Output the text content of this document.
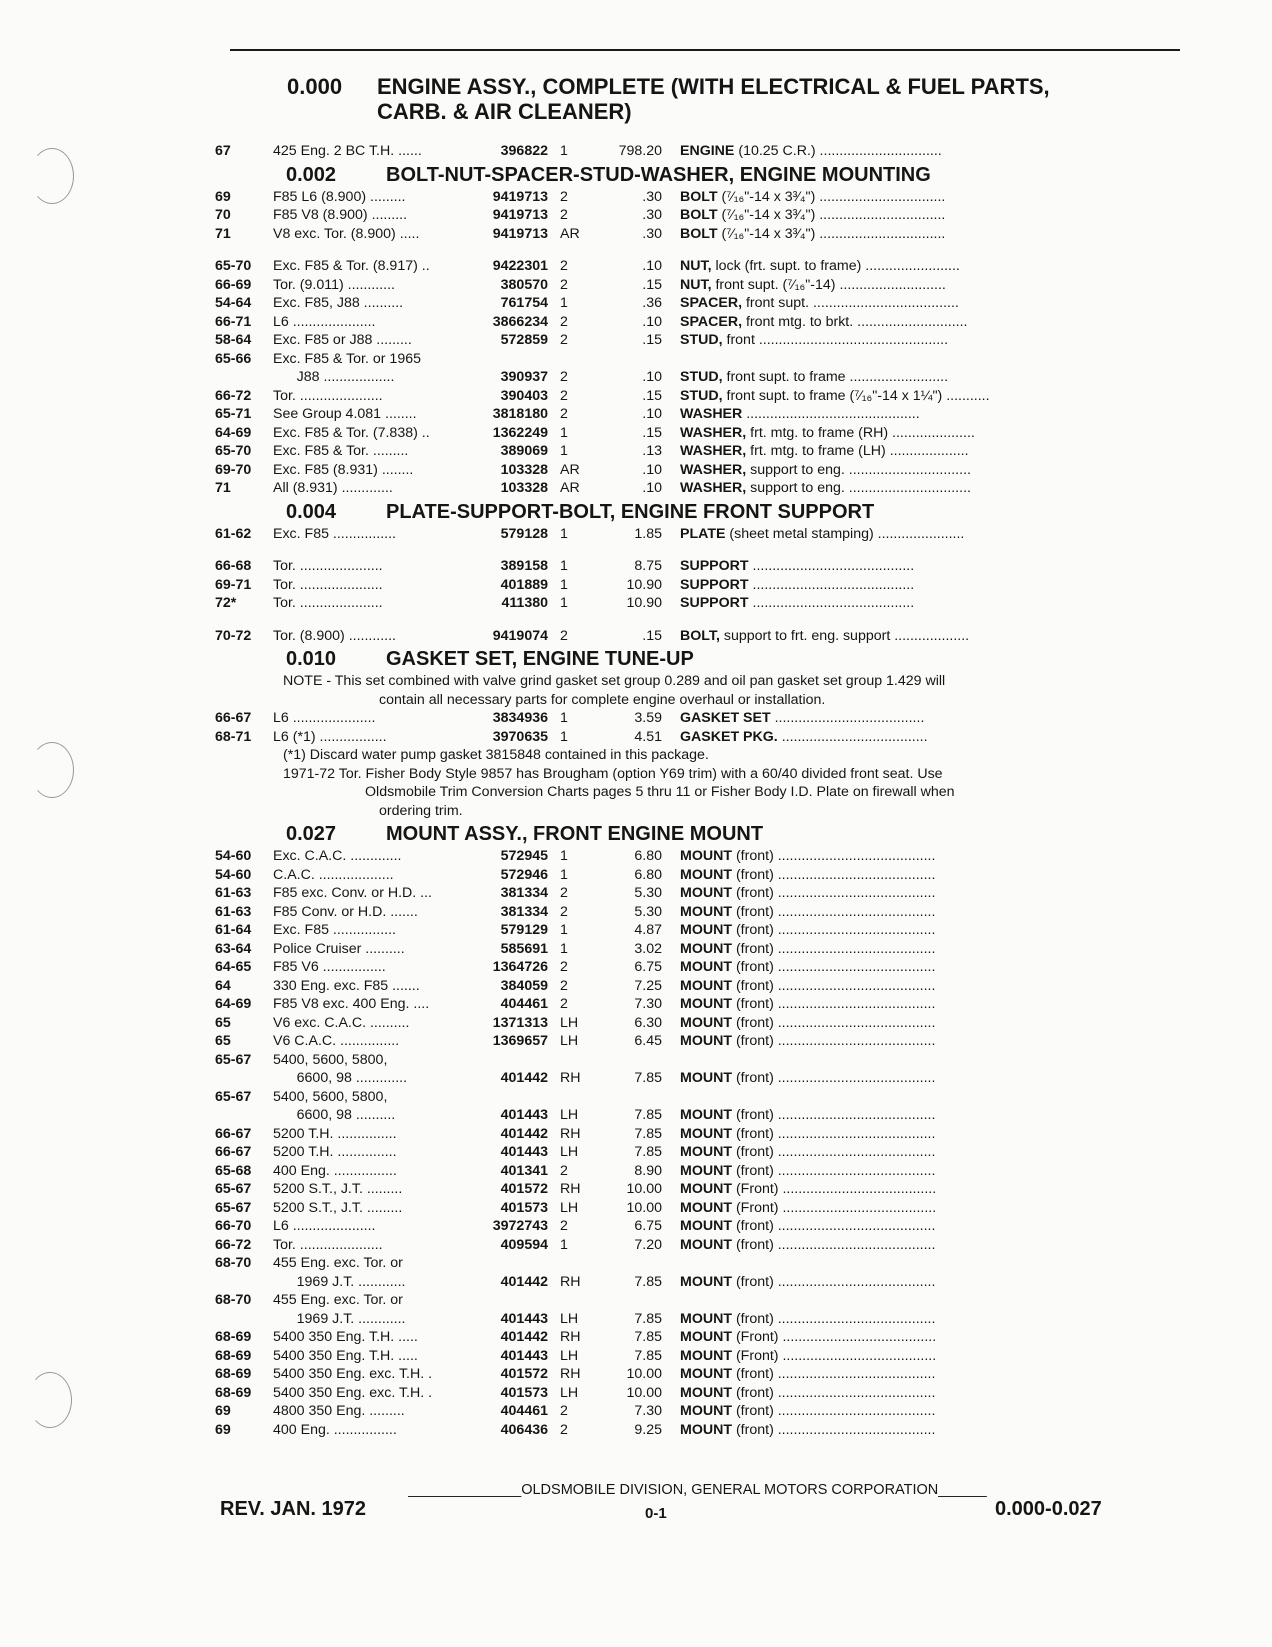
0.000	ENGINE ASSY., COMPLETE (WITH ELECTRICAL & FUEL PARTS,
CARB. & AIR CLEANER)
67	425 Eng. 2 BC T.H. ......	396822 1	798.20	ENGINE (10.25 C.R.) ...............................
0.002	BOLT-NUT-SPACER-STUD-WASHER, ENGINE MOUNTING
69	F85 L6 (8.900) .........	9419713 2	.30	BOLT (⁷⁄₁₆"-14 x 3³⁄₄") ................................
70	F85 V8 (8.900) .........	9419713 2	.30	BOLT (⁷⁄₁₆"-14 x 3³⁄₄") ................................
71	V8 exc. Tor. (8.900) .....	9419713 AR	.30	BOLT (⁷⁄₁₆"-14 x 3³⁄₄") ................................
65-70	Exc. F85 & Tor. (8.917) ..	9422301 2	.10	NUT, lock (frt. supt. to frame) ........................
66-69	Tor. (9.011) ............	380570 2	.15	NUT, front supt. (⁷⁄₁₆"-14) ...........................
54-64	Exc. F85, J88 ..........	761754 1	.36	SPACER, front supt. .....................................
66-71	L6 .....................	3866234 2	.10	SPACER, front mtg. to brkt. ............................
58-64	Exc. F85 or J88 .........	572859 2	.15	STUD, front ................................................
65-66	Exc. F85 & Tor. or 1965
J88 ..................	390937 2	.10	STUD, front supt. to frame .........................
66-72	Tor. .....................	390403 2	.15	STUD, front supt. to frame (⁷⁄₁₆"-14 x 1¼") ...........
65-71	See Group 4.081 ........	3818180 2	.10	WASHER ............................................
64-69	Exc. F85 & Tor. (7.838) ..	1362249 1	.15	WASHER, frt. mtg. to frame (RH) .....................
65-70	Exc. F85 & Tor. .........	389069 1	.13	WASHER, frt. mtg. to frame (LH) ....................
69-70	Exc. F85 (8.931) ........	103328 AR	.10	WASHER, support to eng. ...............................
71	All (8.931) .............	103328 AR	.10	WASHER, support to eng. ...............................
0.004	PLATE-SUPPORT-BOLT, ENGINE FRONT SUPPORT
61-62	Exc. F85 ................	579128 1	1.85	PLATE (sheet metal stamping) ......................
66-68	Tor. .....................	389158 1	8.75	SUPPORT .........................................
69-71	Tor. .....................	401889 1	10.90	SUPPORT .........................................
72*	Tor. .....................	411380 1	10.90	SUPPORT .........................................
70-72	Tor. (8.900) ............	9419074 2	.15	BOLT, support to frt. eng. support ...................
0.010	GASKET SET, ENGINE TUNE-UP
NOTE - This set combined with valve grind gasket set group 0.289 and oil pan gasket set group 1.429 will
contain all necessary parts for complete engine overhaul or installation.
66-67	L6 .....................	3834936 1	3.59	GASKET SET ......................................
68-71	L6 (*1) .................	3970635 1	4.51	GASKET PKG. .....................................
(*1) Discard water pump gasket 3815848 contained in this package.
1971-72 Tor. Fisher Body Style 9857 has Brougham (option Y69 trim) with a 60/40 divided front seat. Use
Oldsmobile Trim Conversion Charts pages 5 thru 11 or Fisher Body I.D. Plate on firewall when
ordering trim.
0.027	MOUNT ASSY., FRONT ENGINE MOUNT
54-60	Exc. C.A.C. .............	572945 1	6.80	MOUNT (front) ........................................
54-60	C.A.C. ...................	572946 1	6.80	MOUNT (front) ........................................
61-63	F85 exc. Conv. or H.D. ...	381334 2	5.30	MOUNT (front) ........................................
61-63	F85 Conv. or H.D. .......	381334 2	5.30	MOUNT (front) ........................................
61-64	Exc. F85 ................	579129 1	4.87	MOUNT (front) ........................................
63-64	Police Cruiser ..........	585691 1	3.02	MOUNT (front) ........................................
64-65	F85 V6 ................	1364726 2	6.75	MOUNT (front) ........................................
64	330 Eng. exc. F85 .......	384059 2	7.25	MOUNT (front) ........................................
64-69	F85 V8 exc. 400 Eng. ....	404461 2	7.30	MOUNT (front) ........................................
65	V6 exc. C.A.C. ..........	1371313 LH	6.30	MOUNT (front) ........................................
65	V6 C.A.C. ...............	1369657 LH	6.45	MOUNT (front) ........................................
65-67	5400, 5600, 5800,
6600, 98 .............	401442 RH	7.85	MOUNT (front) ........................................
65-67	5400, 5600, 5800,
6600, 98 ..........	401443 LH	7.85	MOUNT (front) ........................................
66-67	5200 T.H. ...............	401442 RH	7.85	MOUNT (front) ........................................
66-67	5200 T.H. ...............	401443 LH	7.85	MOUNT (front) ........................................
65-68	400 Eng. ................	401341 2	8.90	MOUNT (front) ........................................
65-67	5200 S.T., J.T. .........	401572 RH	10.00	MOUNT (Front) .......................................
65-67	5200 S.T., J.T. .........	401573 LH	10.00	MOUNT (Front) .......................................
66-70	L6 .....................	3972743 2	6.75	MOUNT (front) ........................................
66-72	Tor. .....................	409594 1	7.20	MOUNT (front) ........................................
68-70	455 Eng. exc. Tor. or
1969 J.T. ............	401442 RH	7.85	MOUNT (front) ........................................
68-70	455 Eng. exc. Tor. or
1969 J.T. ............	401443 LH	7.85	MOUNT (front) ........................................
68-69	5400 350 Eng. T.H. .....	401442 RH	7.85	MOUNT (Front) .......................................
68-69	5400 350 Eng. T.H. .....	401443 LH	7.85	MOUNT (Front) .......................................
68-69	5400 350 Eng. exc. T.H. .	401572 RH	10.00	MOUNT (front) ........................................
68-69	5400 350 Eng. exc. T.H. .	401573 LH	10.00	MOUNT (front) ........................................
69	4800 350 Eng. .........	404461 2	7.30	MOUNT (front) ........................................
69	400 Eng. ................	406436 2	9.25	MOUNT (front) ........................................
______________OLDSMOBILE DIVISION, GENERAL MOTORS CORPORATION______
REV. JAN. 1972	0-1	0.000-0.027
